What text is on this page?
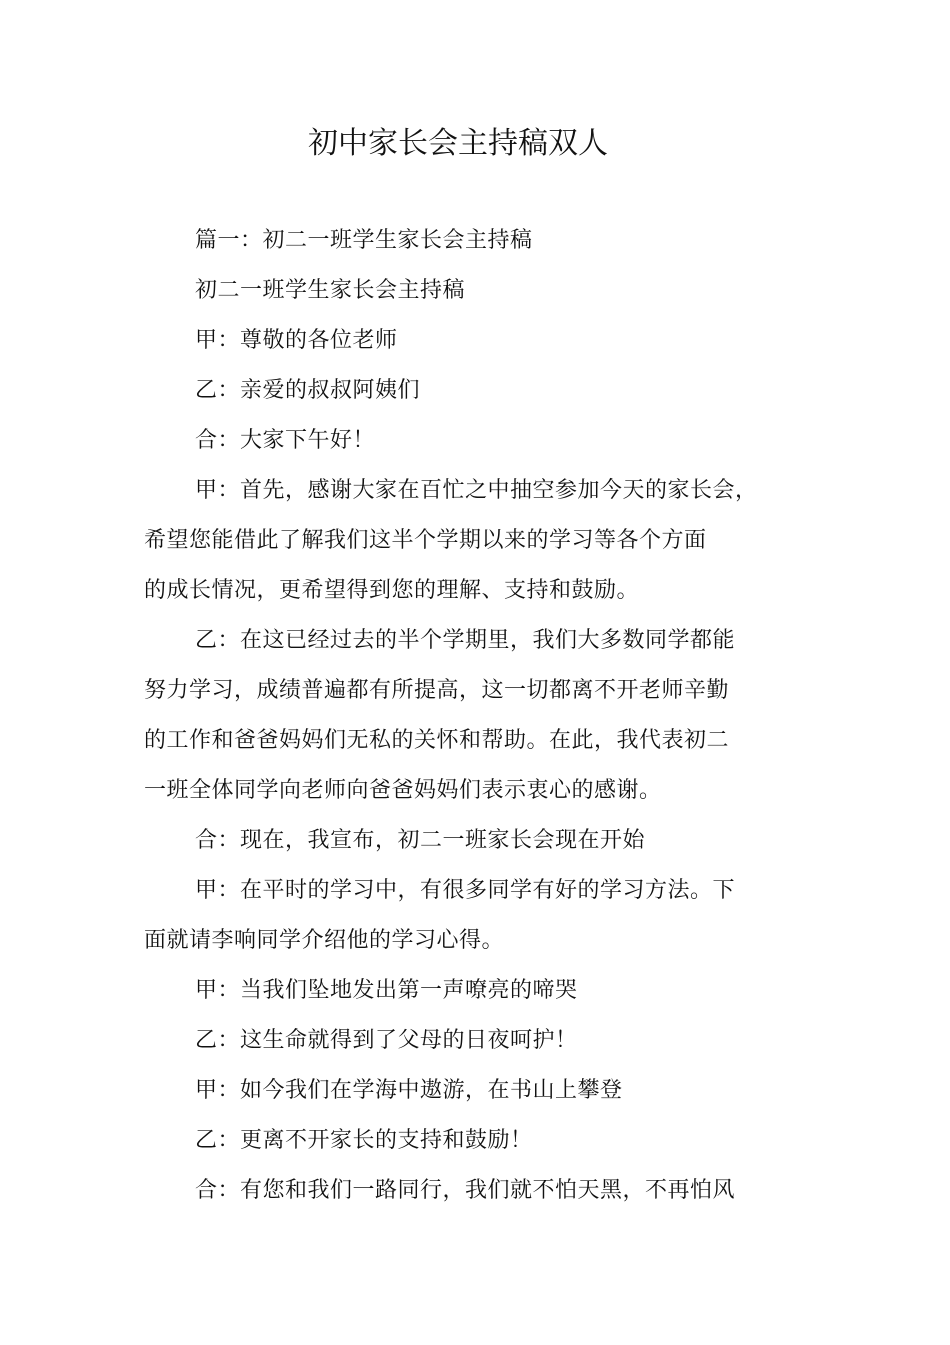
初中家长会主持稿双人
篇一：初二一班学生家长会主持稿
初二一班学生家长会主持稿
甲：尊敬的各位老师
乙：亲爱的叔叔阿姨们
合：大家下午好！
甲：首先，感谢大家在百忙之中抽空参加今天的家长会，
希望您能借此了解我们这半个学期以来的学习等各个方面
的成长情况，更希望得到您的理解、支持和鼓励。
乙：在这已经过去的半个学期里，我们大多数同学都能
努力学习，成绩普遍都有所提高，这一切都离不开老师辛勤
的工作和爸爸妈妈们无私的关怀和帮助。在此，我代表初二
一班全体同学向老师向爸爸妈妈们表示衷心的感谢。
合：现在，我宣布，初二一班家长会现在开始
甲：在平时的学习中，有很多同学有好的学习方法。下
面就请李响同学介绍他的学习心得。
甲：当我们坠地发出第一声嘹亮的啼哭
乙：这生命就得到了父母的日夜呵护！
甲：如今我们在学海中遨游，在书山上攀登
乙：更离不开家长的支持和鼓励！
合：有您和我们一路同行，我们就不怕天黑，不再怕风
